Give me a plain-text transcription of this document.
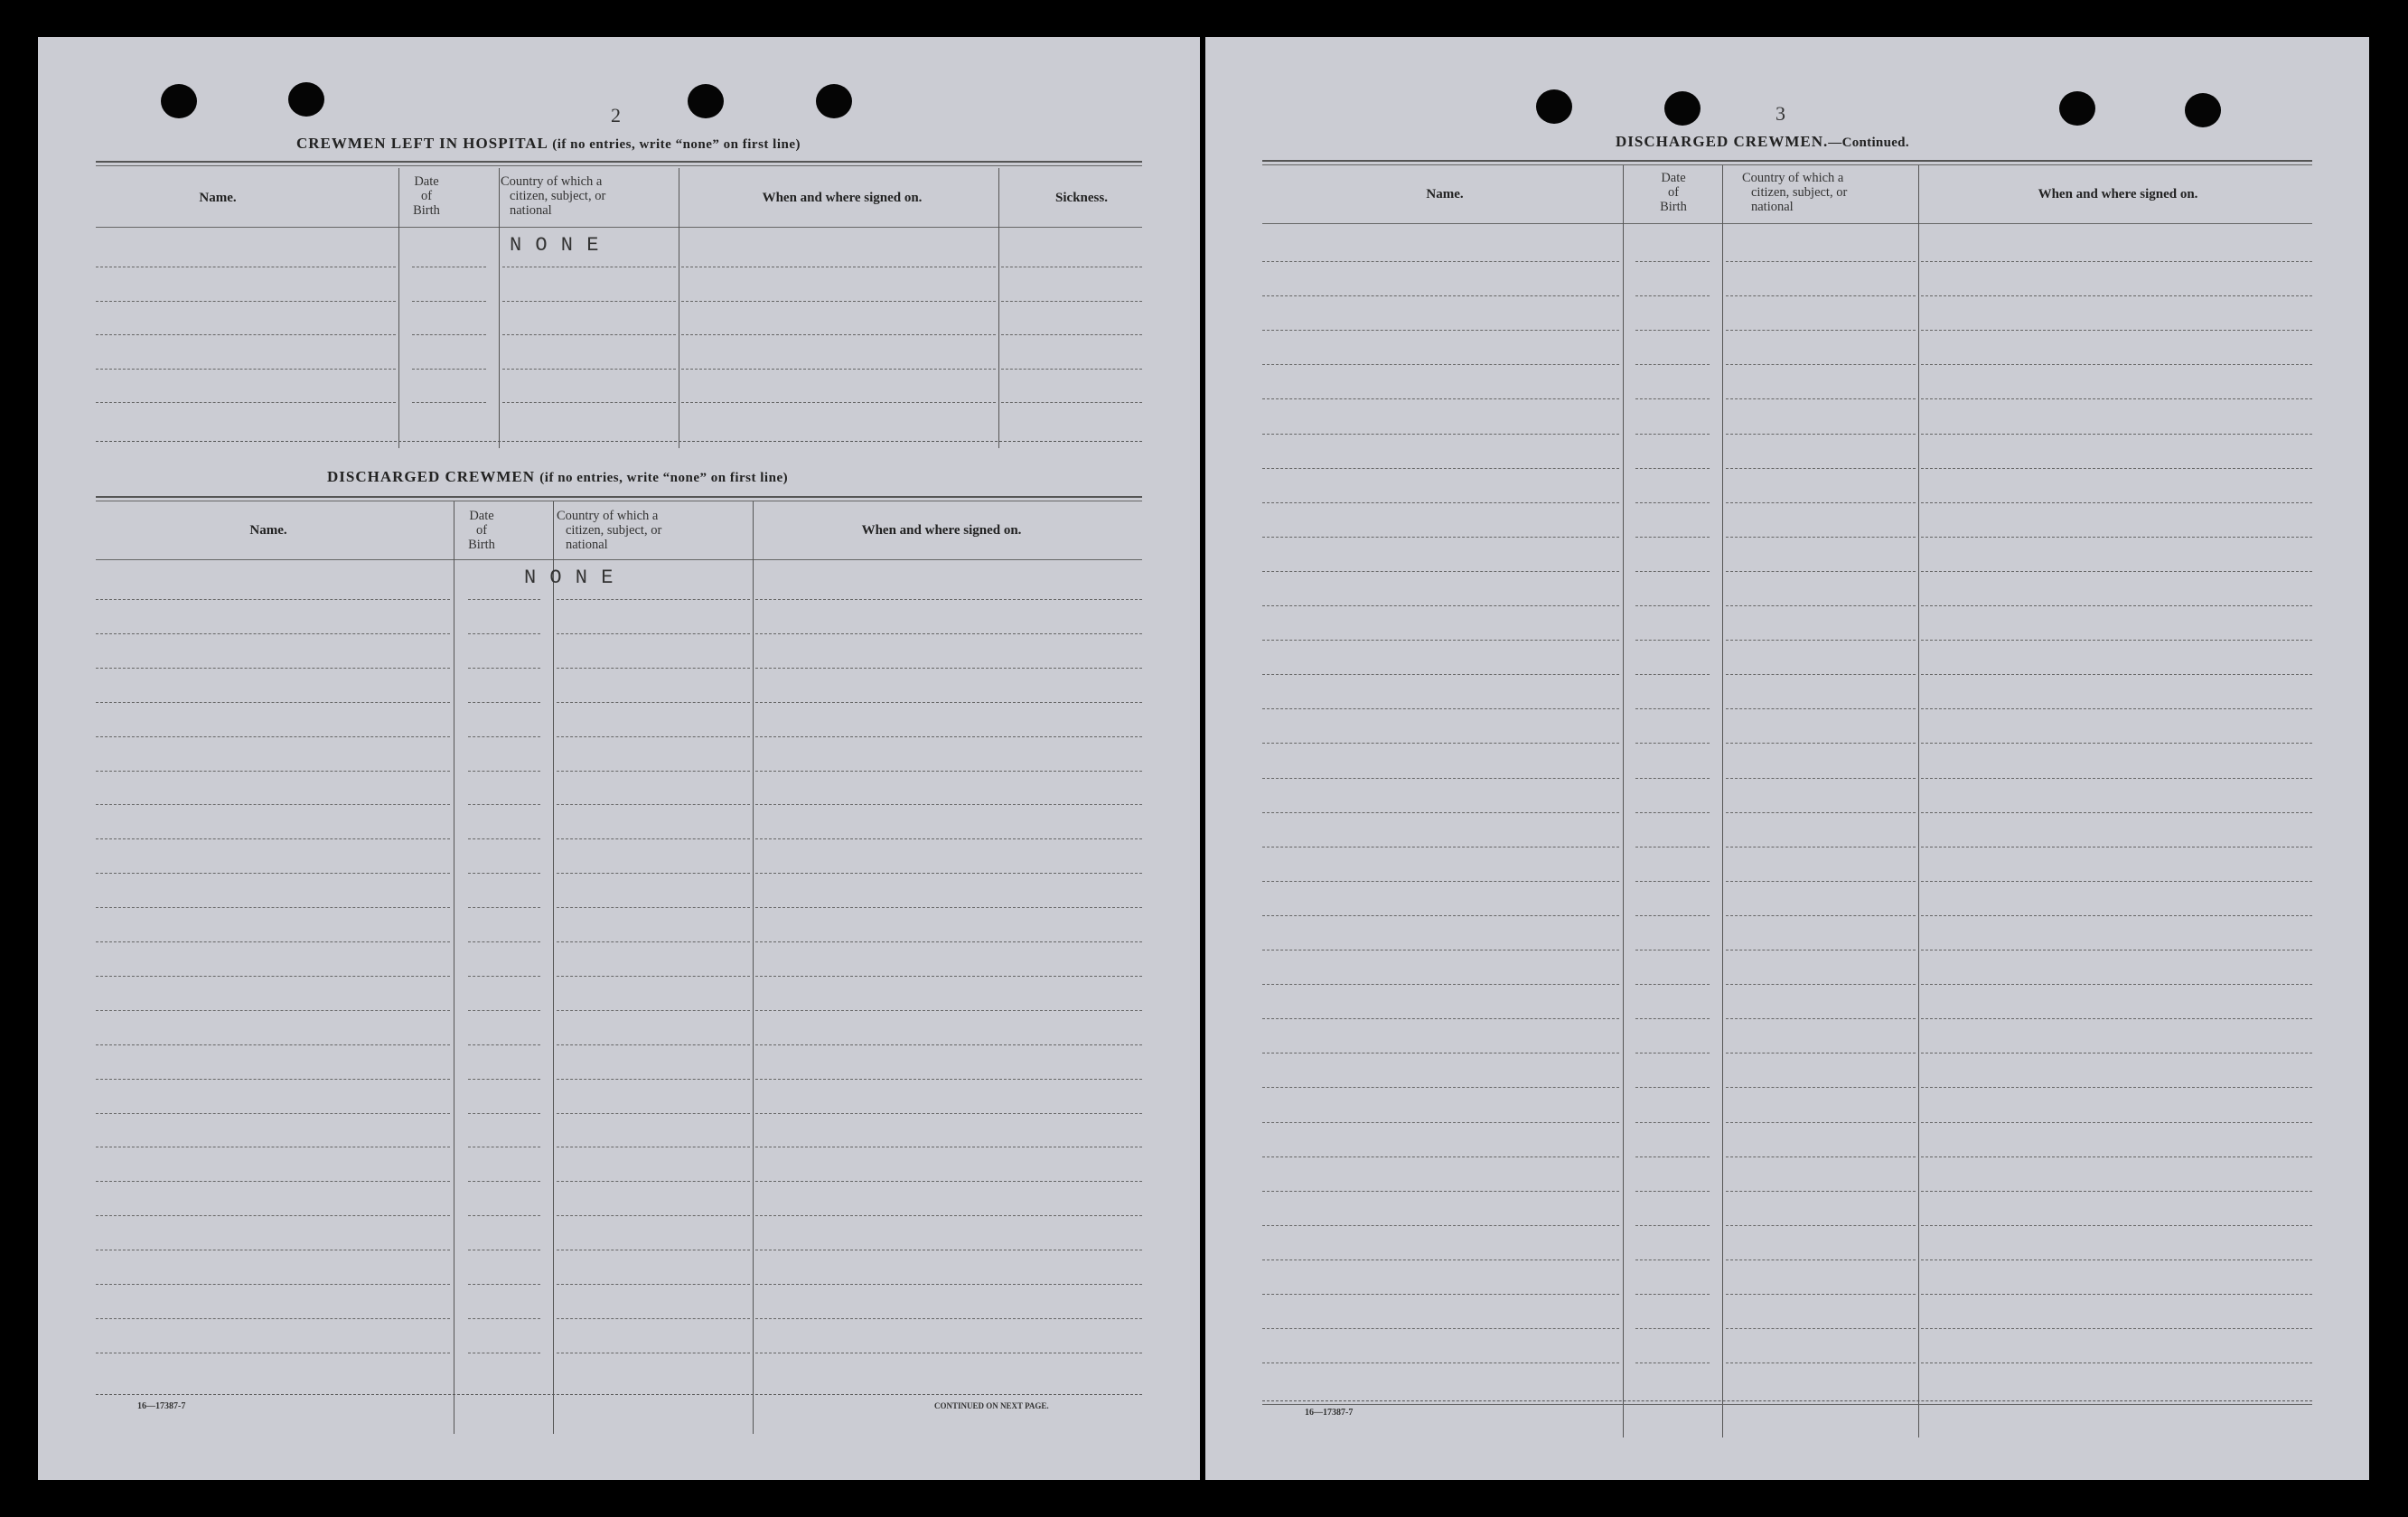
2
CREWMEN LEFT IN HOSPITAL (if no entries, write “none” on first line)
Name.
Date
of
Birth
Country of which a
citizen, subject, or
national
When and where signed on.	Sickness.
N O N E
DISCHARGED CREWMEN (if no entries, write “none” on first line)
Name.
Date
of
Birth
Country of which a
citizen, subject, or
national
When and where signed on.
N O N E
16—17387-7	CONTINUED ON NEXT PAGE.
3
DISCHARGED CREWMEN.—Continued.
Name.
Date
of
Birth
Country of which a
citizen, subject, or
national
When and where signed on.
16—17387-7
